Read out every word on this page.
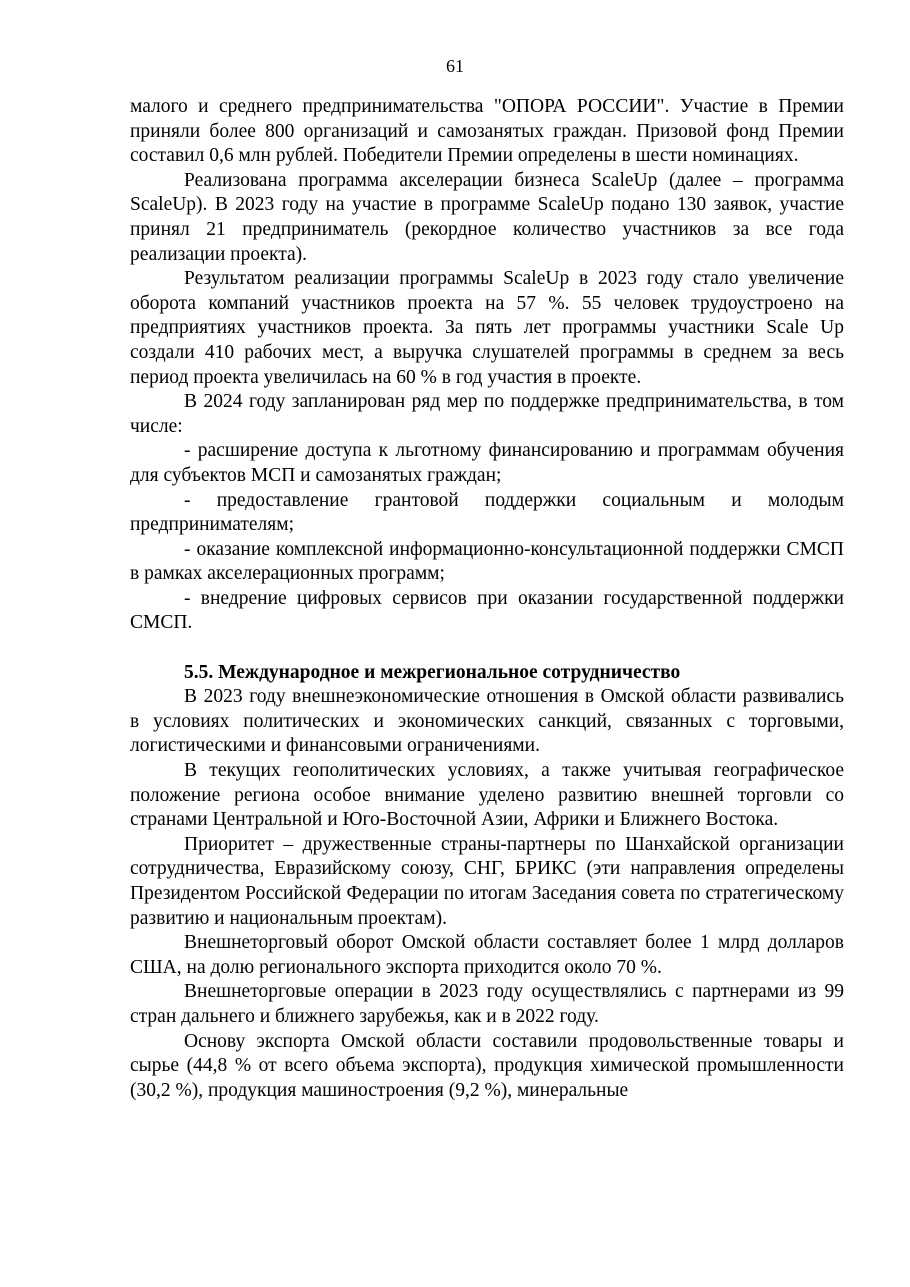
61

малого и среднего предпринимательства "ОПОРА РОССИИ". Участие в Премии приняли более 800 организаций и самозанятых граждан. Призовой фонд Премии составил 0,6 млн рублей. Победители Премии определены в шести номинациях.

Реализована программа акселерации бизнеса ScaleUp (далее – программа ScaleUp). В 2023 году на участие в программе ScaleUp подано 130 заявок, участие принял 21 предприниматель (рекордное количество участников за все года реализации проекта).

Результатом реализации программы ScaleUp в 2023 году стало увеличение оборота компаний участников проекта на 57 %. 55 человек трудоустроено на предприятиях участников проекта. За пять лет программы участники Scale Up создали 410 рабочих мест, а выручка слушателей программы в среднем за весь период проекта увеличилась на 60 % в год участия в проекте.

В 2024 году запланирован ряд мер по поддержке предпринимательства, в том числе:

- расширение доступа к льготному финансированию и программам обучения для субъектов МСП и самозанятых граждан;

- предоставление грантовой поддержки социальным и молодым предпринимателям;

- оказание комплексной информационно-консультационной поддержки СМСП в рамках акселерационных программ;

- внедрение цифровых сервисов при оказании государственной поддержки СМСП.

5.5. Международное и межрегиональное сотрудничество

В 2023 году внешнеэкономические отношения в Омской области развивались в условиях политических и экономических санкций, связанных с торговыми, логистическими и финансовыми ограничениями.

В текущих геополитических условиях, а также учитывая географическое положение региона особое внимание уделено развитию внешней торговли со странами Центральной и Юго-Восточной Азии, Африки и Ближнего Востока.

Приоритет – дружественные страны-партнеры по Шанхайской организации сотрудничества, Евразийскому союзу, СНГ, БРИКС (эти направления определены Президентом Российской Федерации по итогам Заседания совета по стратегическому развитию и национальным проектам).

Внешнеторговый оборот Омской области составляет более 1 млрд долларов США, на долю регионального экспорта приходится около 70 %.

Внешнеторговые операции в 2023 году осуществлялись с партнерами из 99 стран дальнего и ближнего зарубежья, как и в 2022 году.

Основу экспорта Омской области составили продовольственные товары и сырье (44,8 % от всего объема экспорта), продукция химической промышленности (30,2 %), продукция машиностроения (9,2 %), минеральные
